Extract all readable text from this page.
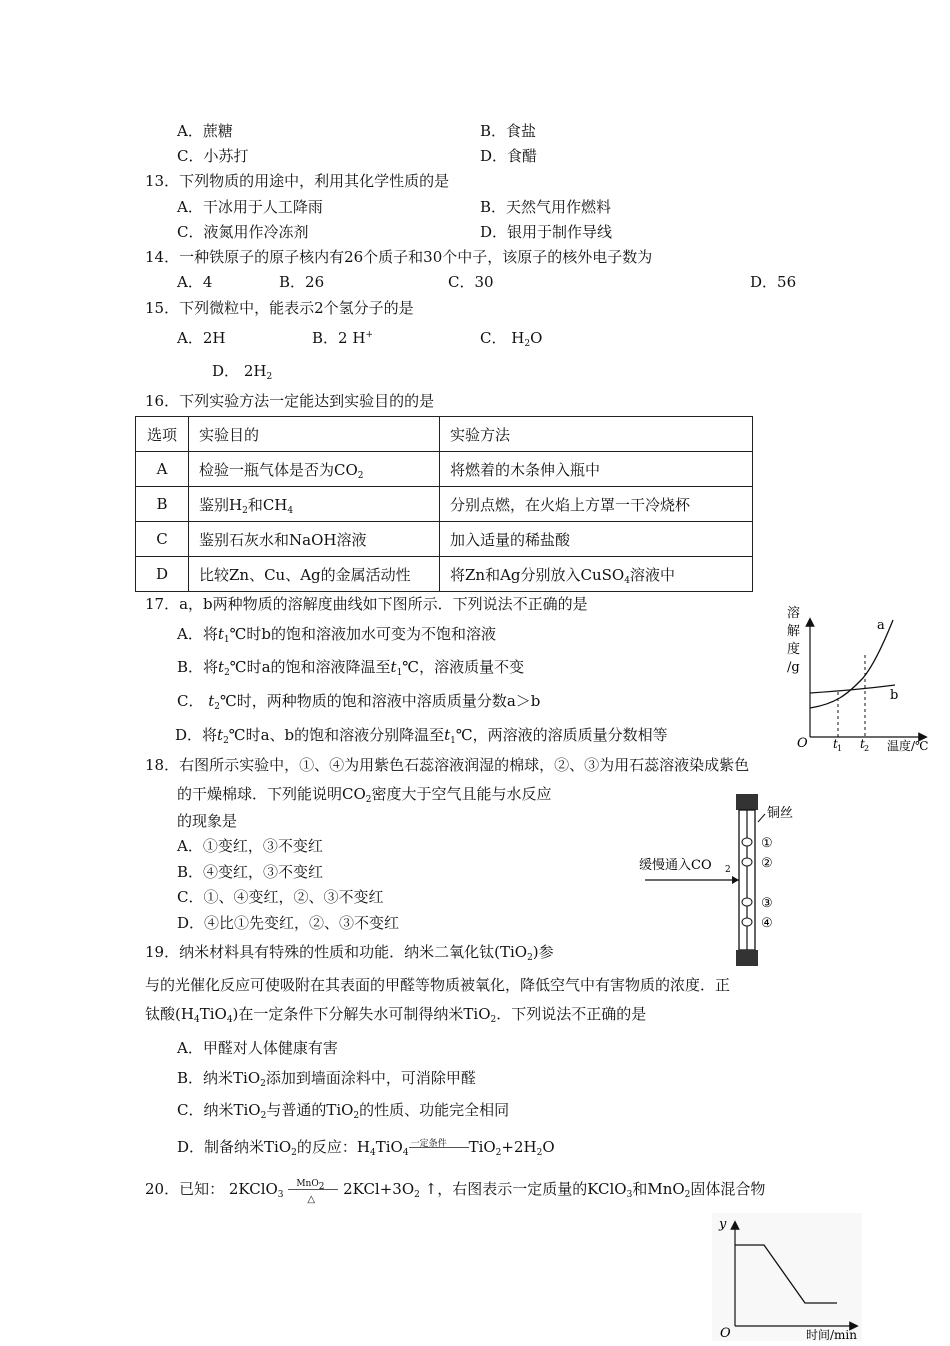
A．蔗糖	B．食盐
C．小苏打	D．食醋
13．下列物质的用途中，利用其化学性质的是
A．干冰用于人工降雨	B．天然气用作燃料
C．液氮用作冷冻剂	D．银用于制作导线
14．一种铁原子的原子核内有26个质子和30个中子，该原子的核外电子数为
A．4	B．26	C．30	D．56
15．下列微粒中，能表示2个氢分子的是
A．2H	B．2 H+	C． $H_2O$
D． $2H_2$
16．下列实验方法一定能达到实验目的的是
选项	实验目的	实验方法
A	检验一瓶气体是否为$CO_2$	将燃着的木条伸入瓶中
B	鉴别$H_2$和$CH_4$	分别点燃，在火焰上方罩一干冷烧杯
C	鉴别石灰水和NaOH溶液	加入适量的稀盐酸
D	比较Zn、Cu、Ag的金属活动性	将Zn和Ag分别放入CuSO$_4$溶液中
17．a，b两种物质的溶解度曲线如下图所示．下列说法不正确的是
A．将$t_1℃$时b的饱和溶液加水可变为不饱和溶液
B．将$t_2℃$时a的饱和溶液降温至$t_1℃$，溶液质量不变
C． $t_2℃$时，两种物质的饱和溶液中溶质质量分数a＞b
D．将$t_2℃$时a、b的饱和溶液分别降温至$t_1℃$，两溶液的溶质质量分数相等
溶
解
度
/g
a
b
O t 1 t 2 温度/℃
18．右图所示实验中，①、④为用紫色石蕊溶液润湿的棉球，②、③为用石蕊溶液染成紫色
的干燥棉球．下列能说明$CO_2$密度大于空气且能与水反应
的现象是
A．①变红，③不变红
B．④变红，③不变红
C．①、④变红，②、③不变红
D．④比①先变红，②、③不变红
铜丝
①
②
③
④
缓慢通入CO 2
19．纳米材料具有特殊的性质和功能．纳米二氧化钛(TiO$_2$)参
与的光催化反应可使吸附在其表面的甲醛等物质被氧化，降低空气中有害物质的浓度．正
钛酸$(H_4TiO_4)$在一定条件下分解失水可制得纳米TiO$_2$．下列说法不正确的是
A．甲醛对人体健康有害
B．纳米TiO$_2$添加到墙面涂料中，可消除甲醛
C．纳米TiO$_2$与普通的TiO$_2$的性质、功能完全相同
D．制备纳米TiO$_2$的反应：$H_4TiO_4$
一定条件 $TiO_2+2H_2O$
20．已知： 2KClO$_3$
MnO$_2$
△
$2KCl+3O_2$ ↑，右图表示一定质量的KClO$_3$和MnO$_2$固体混合物
y
O	时间/min
